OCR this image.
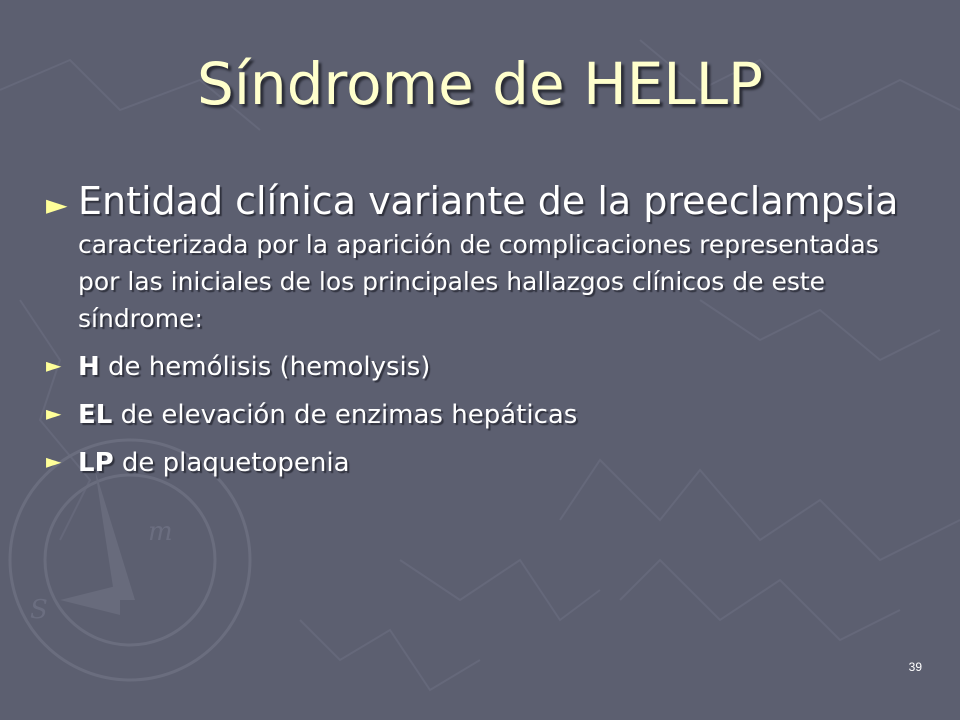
m
S
Síndrome de HELLP
► Entidad clínica variante de la preeclampsia
caracterizada por la aparición de complicaciones representadas por las iniciales de los principales hallazgos clínicos de este síndrome:
► H de hemólisis (hemolysis)
► EL de elevación de enzimas hepáticas
► LP de plaquetopenia
39
